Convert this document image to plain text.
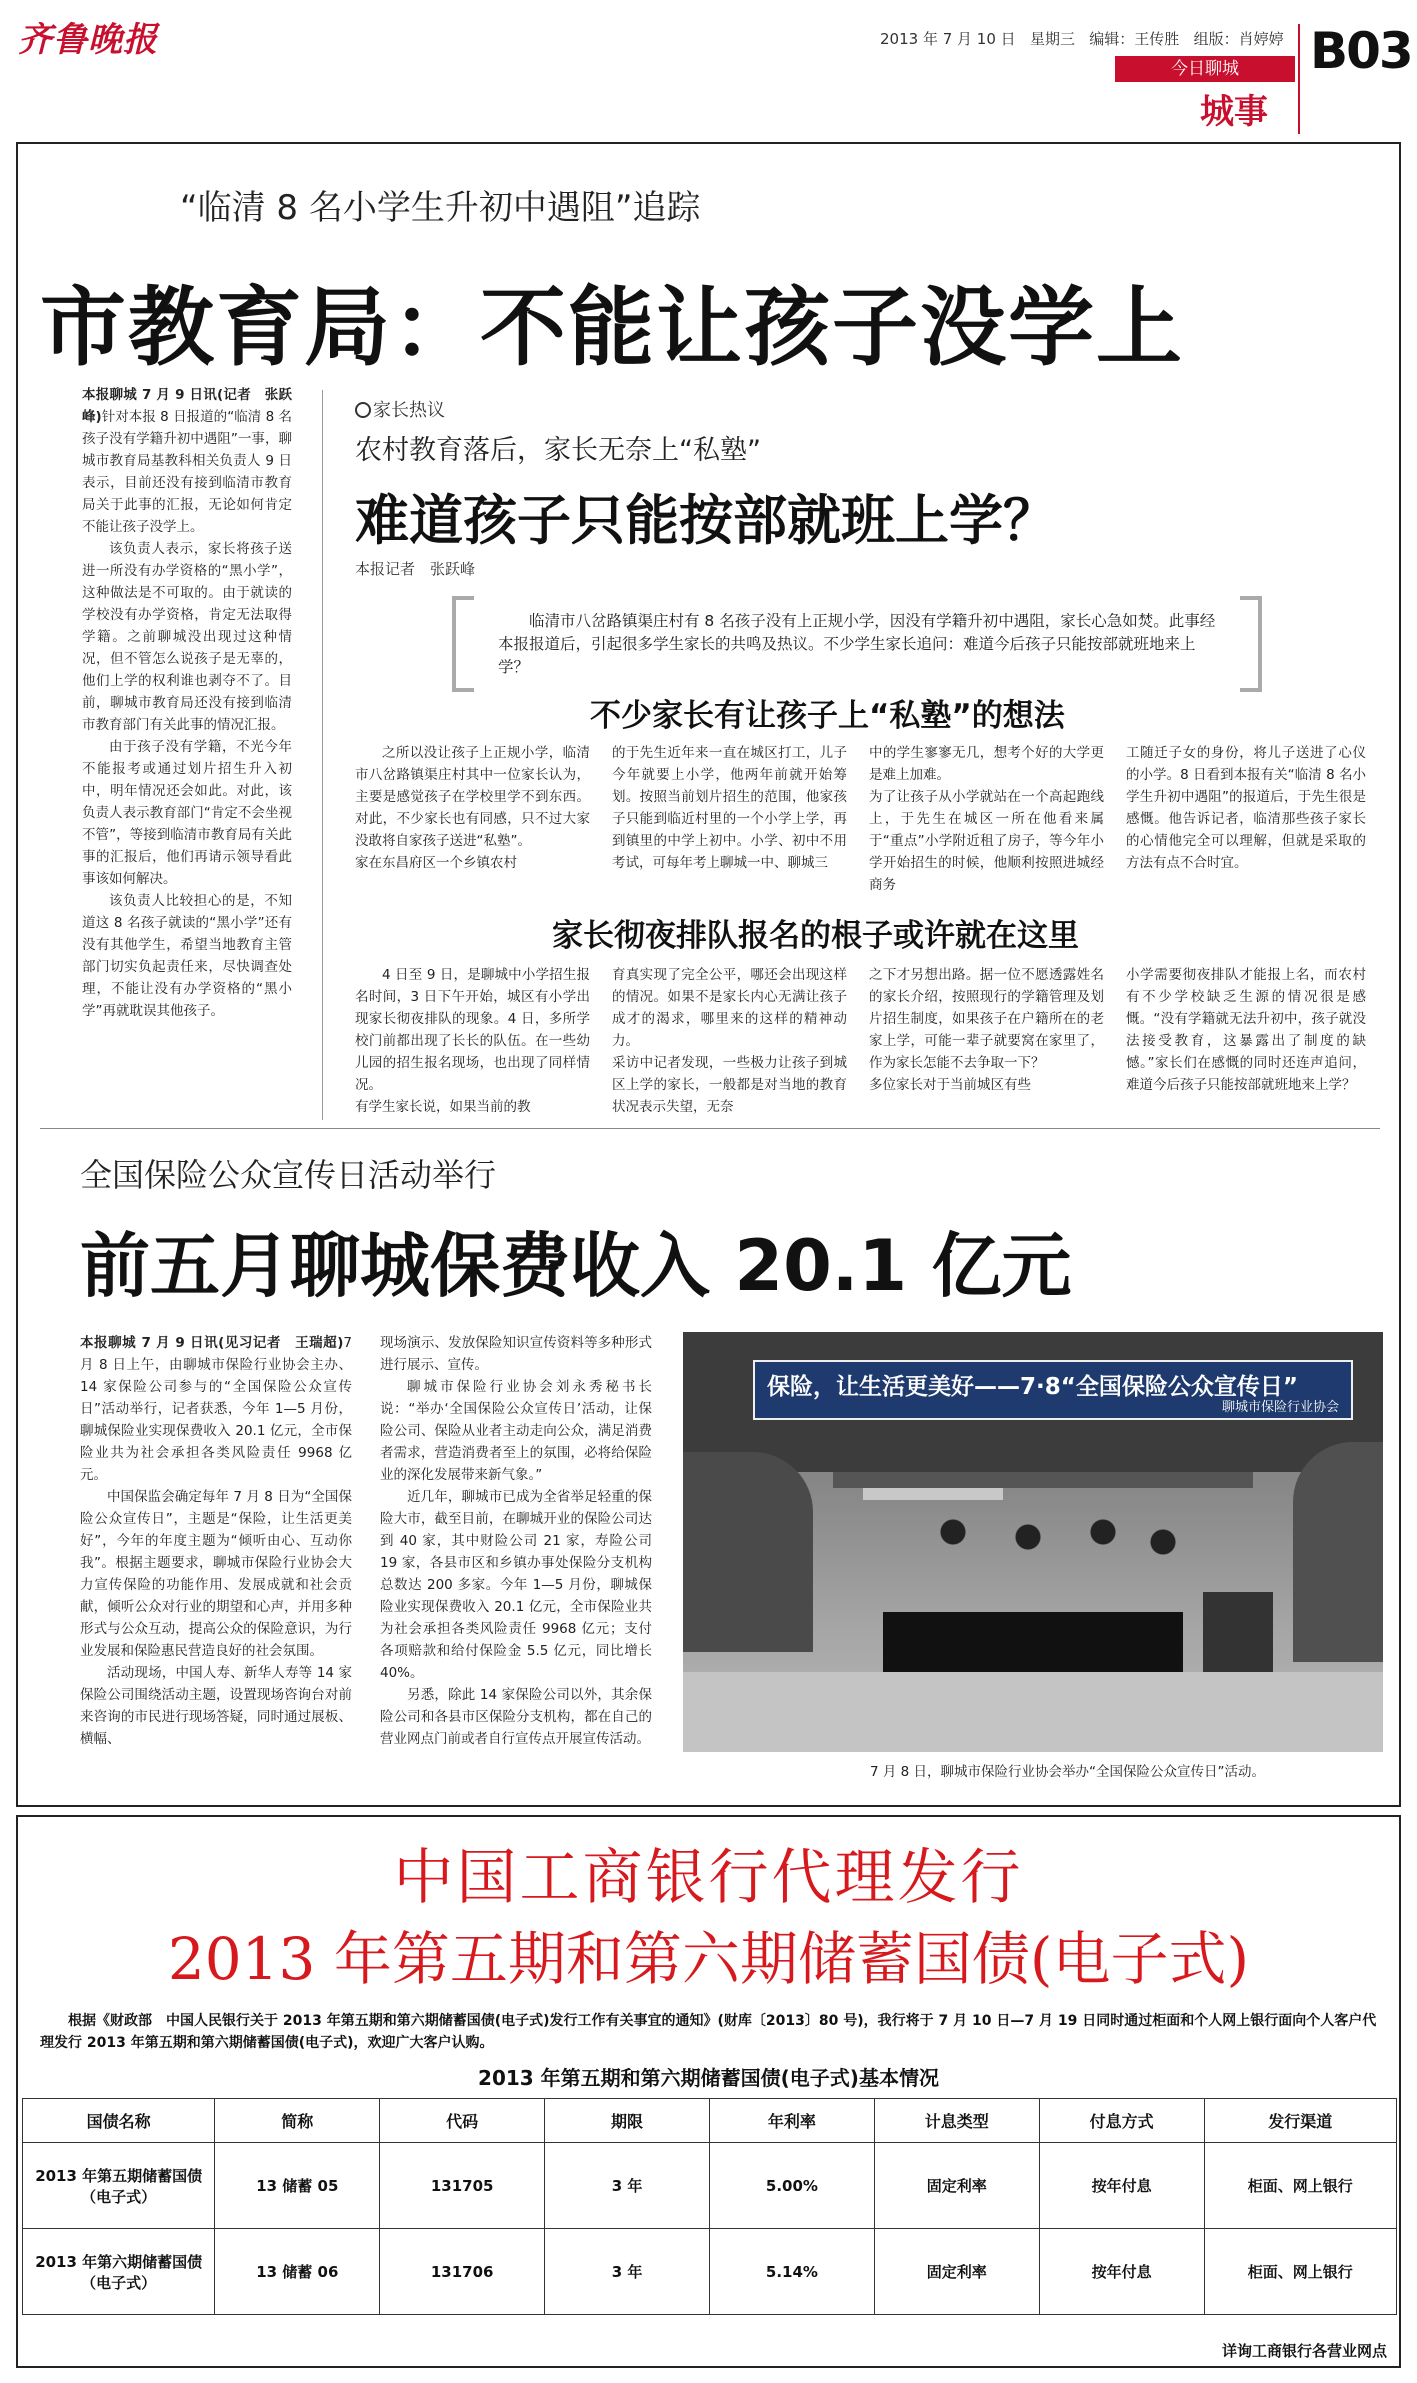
齐鲁晚报	2013 年 7 月 10 日 星期三 编辑：王传胜 组版：肖婷婷
今日聊城
城事
B03
“临清 8 名小学生升初中遇阻”追踪
市教育局：不能让孩子没学上

本报聊城 7 月 9 日讯(记者　张跃峰)针对本报 8 日报道的“临清 8 名孩子没有学籍升初中遇阻”一事，聊城市教育局基教科相关负责人 9 日表示，目前还没有接到临清市教育局关于此事的汇报，无论如何肯定不能让孩子没学上。

该负责人表示，家长将孩子送进一所没有办学资格的“黑小学”，这种做法是不可取的。由于就读的学校没有办学资格，肯定无法取得学籍。之前聊城没出现过这种情况，但不管怎么说孩子是无辜的，他们上学的权利谁也剥夺不了。目前，聊城市教育局还没有接到临清市教育部门有关此事的情况汇报。

由于孩子没有学籍，不光今年不能报考或通过划片招生升入初中，明年情况还会如此。对此，该负责人表示教育部门“肯定不会坐视不管”，等接到临清市教育局有关此事的汇报后，他们再请示领导看此事该如何解决。

该负责人比较担心的是，不知道这 8 名孩子就读的“黑小学”还有没有其他学生，希望当地教育主管部门切实负起责任来，尽快调查处理，不能让没有办学资格的“黑小学”再就耽误其他孩子。

家长热议
农村教育落后，家长无奈上“私塾”
难道孩子只能按部就班上学？
本报记者　张跃峰
临清市八岔路镇渠庄村有 8 名孩子没有上正规小学，因没有学籍升初中遇阻，家长心急如焚。此事经本报报道后，引起很多学生家长的共鸣及热议。不少学生家长追问：难道今后孩子只能按部就班地来上学？
不少家长有让孩子上“私塾”的想法
之所以没让孩子上正规小学，临清市八岔路镇渠庄村其中一位家长认为，主要是感觉孩子在学校里学不到东西。对此，不少家长也有同感，只不过大家没敢将自家孩子送进“私塾”。
家在东昌府区一个乡镇农村
的于先生近年来一直在城区打工，儿子今年就要上小学，他两年前就开始筹划。按照当前划片招生的范围，他家孩子只能到临近村里的一个小学上学，再到镇里的中学上初中。小学、初中不用考试，可每年考上聊城一中、聊城三
中的学生寥寥无几，想考个好的大学更是难上加难。
为了让孩子从小学就站在一个高起跑线上，于先生在城区一所在他看来属于“重点”小学附近租了房子，等今年小学开始招生的时候，他顺利按照进城经商务
工随迁子女的身份，将儿子送进了心仪的小学。8 日看到本报有关“临清 8 名小学生升初中遇阻”的报道后，于先生很是感慨。他告诉记者，临清那些孩子家长的心情他完全可以理解，但就是采取的方法有点不合时宜。
家长彻夜排队报名的根子或许就在这里
4 日至 9 日，是聊城中小学招生报名时间，3 日下午开始，城区有小学出现家长彻夜排队的现象。4 日，多所学校门前都出现了长长的队伍。在一些幼儿园的招生报名现场，也出现了同样情况。
有学生家长说，如果当前的教
育真实现了完全公平，哪还会出现这样的情况。如果不是家长内心无满让孩子成才的渴求，哪里来的这样的精神动力。
采访中记者发现，一些极力让孩子到城区上学的家长，一般都是对当地的教育状况表示失望，无奈
之下才另想出路。据一位不愿透露姓名的家长介绍，按照现行的学籍管理及划片招生制度，如果孩子在户籍所在的老家上学，可能一辈子就要窝在家里了，作为家长怎能不去争取一下？
多位家长对于当前城区有些
小学需要彻夜排队才能报上名，而农村有不少学校缺乏生源的情况很是感慨。“没有学籍就无法升初中，孩子就没法接受教育，这暴露出了制度的缺憾。”家长们在感慨的同时还连声追问，难道今后孩子只能按部就班地来上学？
全国保险公众宣传日活动举行
前五月聊城保费收入 20.1 亿元

本报聊城 7 月 9 日讯(见习记者　王瑞超)7 月 8 日上午，由聊城市保险行业协会主办、14 家保险公司参与的“全国保险公众宣传日”活动举行，记者获悉，今年 1—5 月份，聊城保险业实现保费收入 20.1 亿元，全市保险业共为社会承担各类风险责任 9968 亿元。

中国保监会确定每年 7 月 8 日为“全国保险公众宣传日”，主题是“保险，让生活更美好”，今年的年度主题为“倾听由心、互动你我”。根据主题要求，聊城市保险行业协会大力宣传保险的功能作用、发展成就和社会贡献，倾听公众对行业的期望和心声，并用多种形式与公众互动，提高公众的保险意识，为行业发展和保险惠民营造良好的社会氛围。

活动现场，中国人寿、新华人寿等 14 家保险公司围绕活动主题，设置现场咨询台对前来咨询的市民进行现场答疑，同时通过展板、横幅、

现场演示、发放保险知识宣传资料等多种形式进行展示、宣传。

聊城市保险行业协会刘永秀秘书长说：“举办‘全国保险公众宣传日’活动，让保险公司、保险从业者主动走向公众，满足消费者需求，营造消费者至上的氛围，必将给保险业的深化发展带来新气象。”

近几年，聊城市已成为全省举足轻重的保险大市，截至目前，在聊城开业的保险公司达到 40 家，其中财险公司 21 家，寿险公司 19 家，各县市区和乡镇办事处保险分支机构总数达 200 多家。今年 1—5 月份，聊城保险业实现保费收入 20.1 亿元，全市保险业共为社会承担各类风险责任 9968 亿元；支付各项赔款和给付保险金 5.5 亿元，同比增长 40%。

另悉，除此 14 家保险公司以外，其余保险公司和各县市区保险分支机构，都在自己的营业网点门前或者自行宣传点开展宣传活动。

保险，让生活更美好——7·8“全国保险公众宣传日”
聊城市保险行业协会
7 月 8 日，聊城市保险行业协会举办“全国保险公众宣传日”活动。
中国工商银行代理发行
2013 年第五期和第六期储蓄国债(电子式)
根据《财政部　中国人民银行关于 2013 年第五期和第六期储蓄国债(电子式)发行工作有关事宜的通知》(财库〔2013〕80 号)，我行将于 7 月 10 日—7 月 19 日同时通过柜面和个人网上银行面向个人客户代理发行 2013 年第五期和第六期储蓄国债(电子式)，欢迎广大客户认购。
2013 年第五期和第六期储蓄国债(电子式)基本情况
国债名称	简称	代码	期限	年利率	计息类型	付息方式	发行渠道
2013 年第五期储蓄国债（电子式）	13 储蓄 05	131705	3 年	5.00%	固定利率	按年付息	柜面、网上银行
2013 年第六期储蓄国债（电子式）	13 储蓄 06	131706	3 年	5.14%	固定利率	按年付息	柜面、网上银行
详询工商银行各营业网点
